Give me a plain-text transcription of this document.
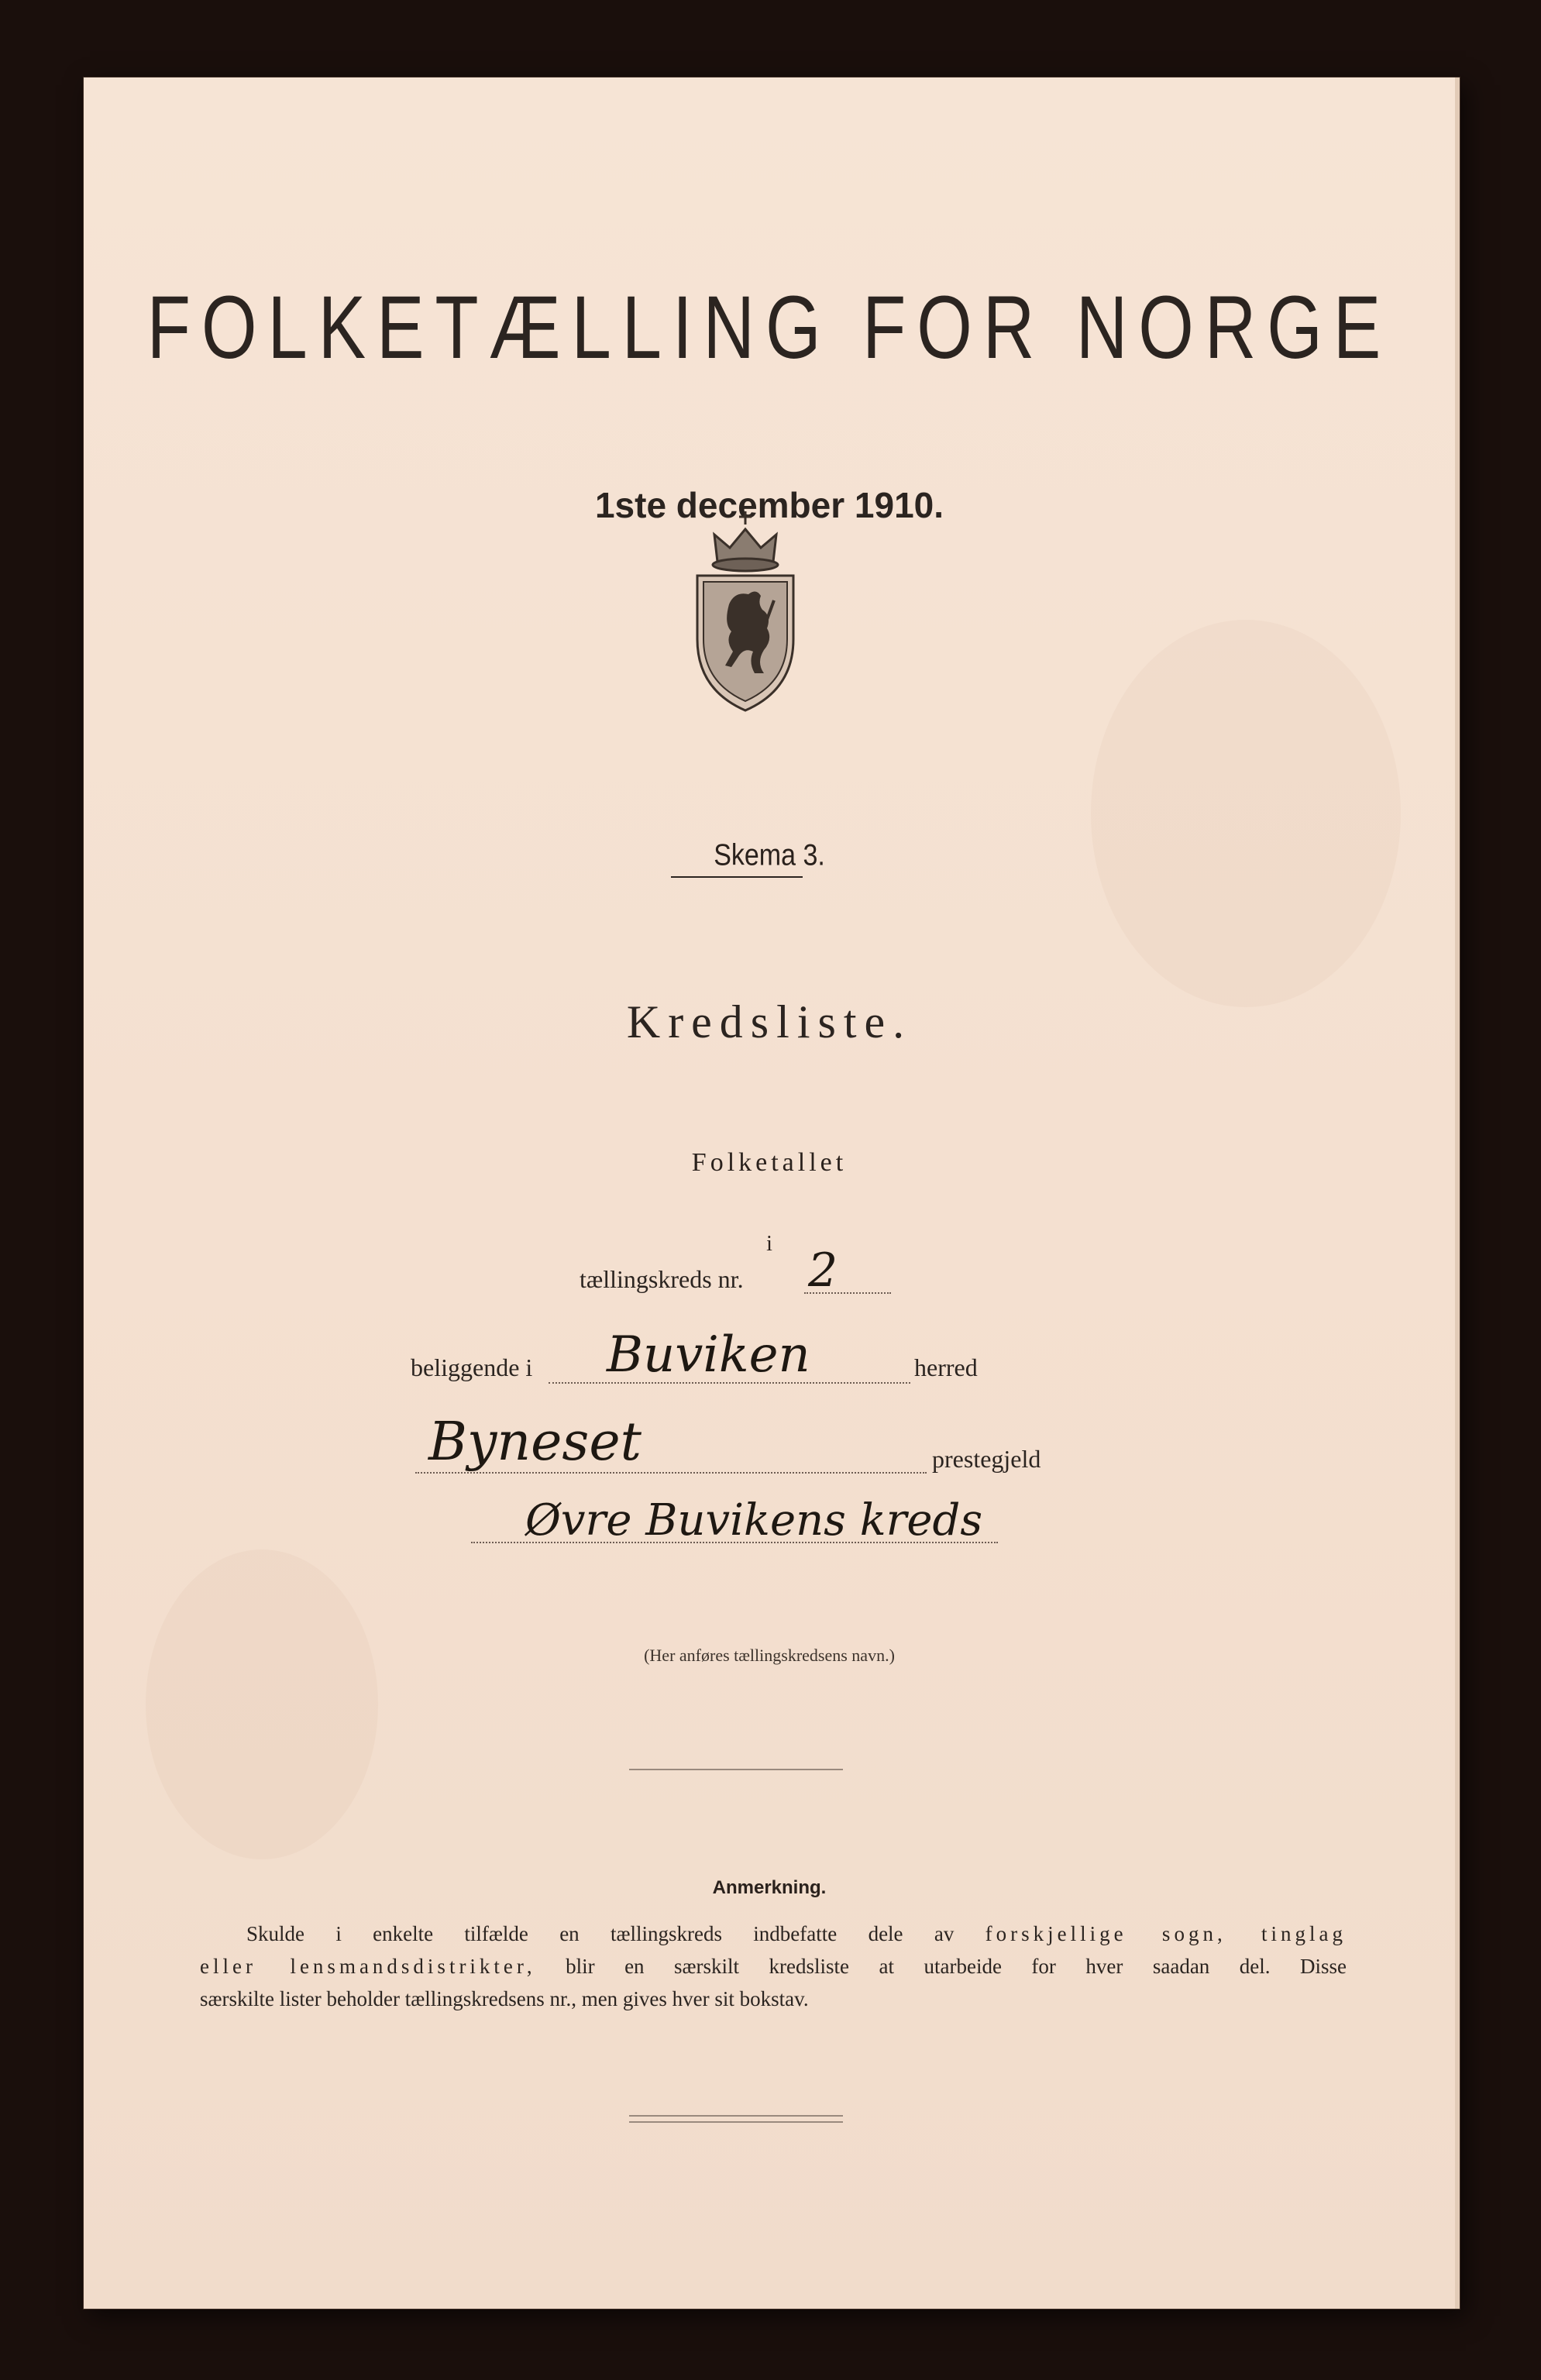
FOLKETÆLLING FOR NORGE
1ste december 1910.
Skema 3.
Kredsliste.
Folketallet
i
tællingskreds nr. 2
beliggende i Buviken	herred
Byneset	prestegjeld
Øvre Buvikens kreds
(Her anføres tællingskredsens navn.)
Anmerkning.
Skulde i enkelte tilfælde en tællingskreds indbefatte dele av forskjellige sogn, tinglag
eller lensmandsdistrikter, blir en særskilt kredsliste at utarbeide for hver saadan del. Disse
særskilte lister beholder tællingskredsens nr., men gives hver sit bokstav.
